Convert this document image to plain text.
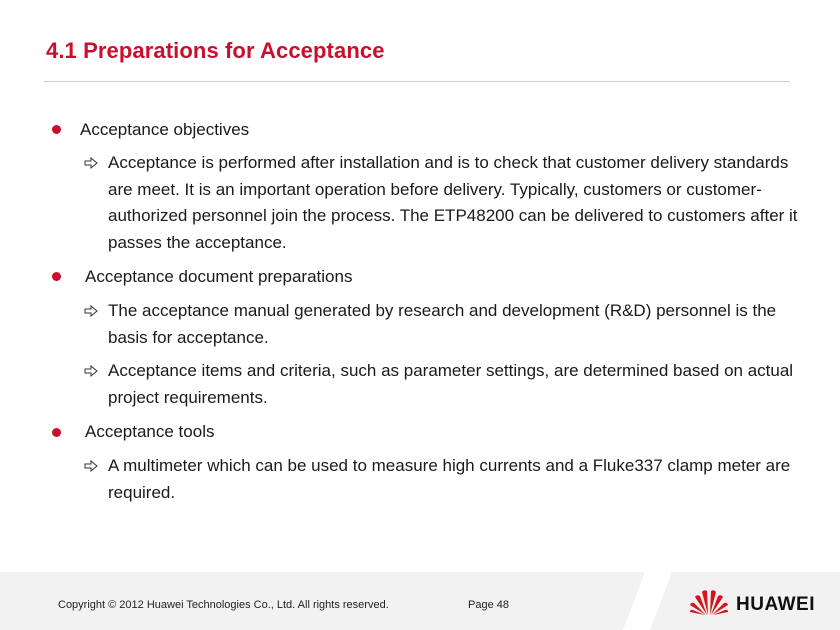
4.1 Preparations for Acceptance
Acceptance objectives
Acceptance is performed after installation and is to check that customer delivery standards are meet. It is an important operation before delivery. Typically, customers or customer-authorized personnel join the process. The ETP48200 can be delivered to customers after it passes the acceptance.
Acceptance document preparations
The acceptance manual generated by research and development (R&D) personnel is the basis for acceptance.
Acceptance items and criteria, such as parameter settings, are determined based on actual project requirements.
Acceptance tools
A multimeter which can be used to measure high currents and a Fluke337 clamp meter are required.
Copyright © 2012 Huawei Technologies Co., Ltd. All rights reserved.	Page 48	HUAWEI
